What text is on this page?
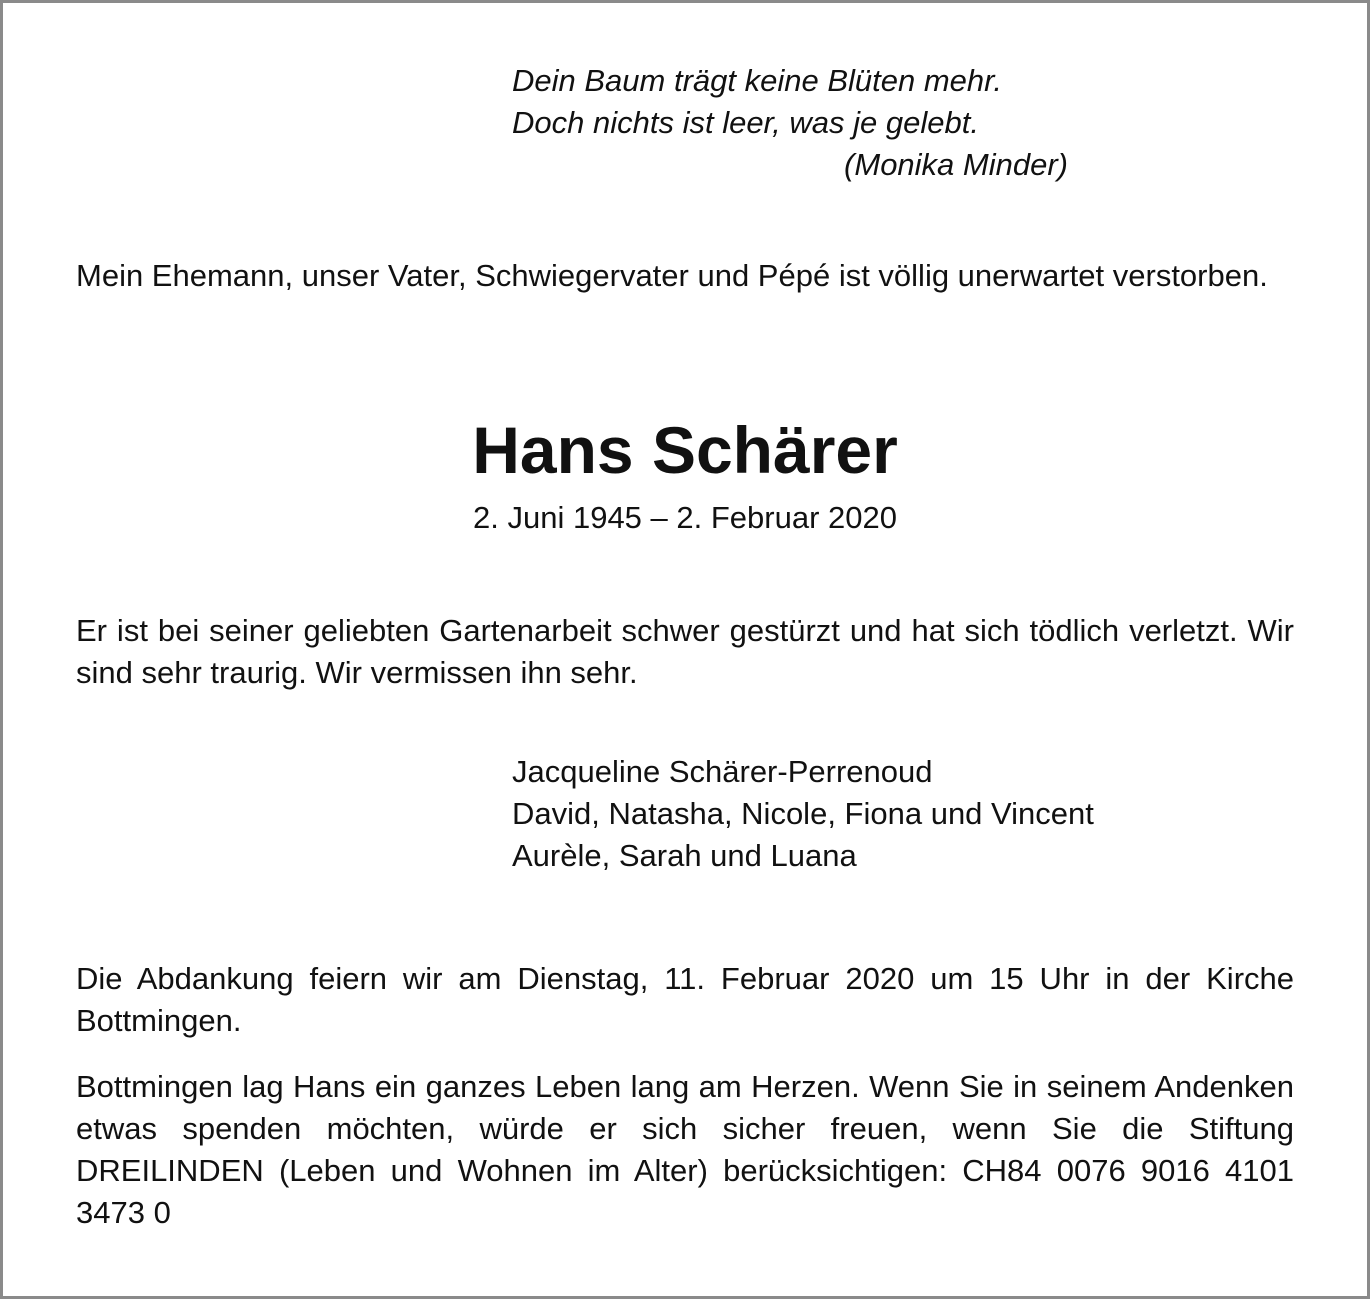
Dein Baum trägt keine Blüten mehr.
Doch nichts ist leer, was je gelebt.
(Monika Minder)

Mein Ehemann, unser Vater, Schwiegervater und Pépé ist völlig unerwartet verstorben.

Hans Schärer

2. Juni 1945 – 2. Februar 2020

Er ist bei seiner geliebten Gartenarbeit schwer gestürzt und hat sich tödlich verletzt. Wir sind sehr traurig. Wir vermissen ihn sehr.

Jacqueline Schärer-Perrenoud
David, Natasha, Nicole, Fiona und Vincent
Aurèle, Sarah und Luana

Die Abdankung feiern wir am Dienstag, 11. Februar 2020 um 15 Uhr in der Kirche Bottmingen.

Bottmingen lag Hans ein ganzes Leben lang am Herzen. Wenn Sie in seinem Andenken etwas spenden möchten, würde er sich sicher freuen, wenn Sie die Stiftung DREILINDEN (Leben und Wohnen im Alter) berücksichtigen: CH84 0076 9016 4101 3473 0
